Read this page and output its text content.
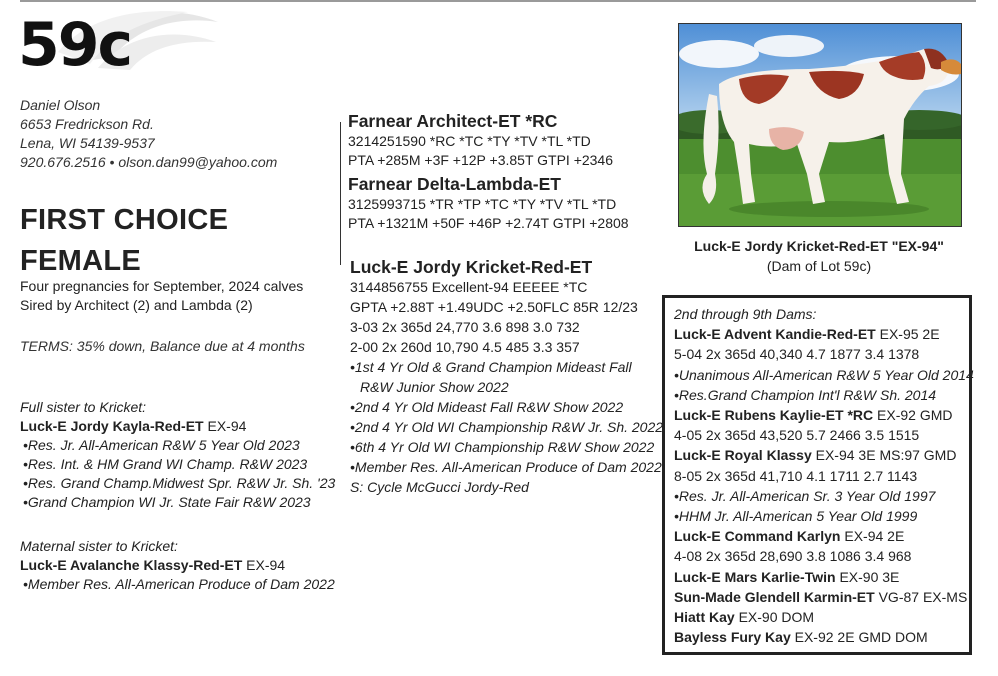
59c
Daniel Olson
6653 Fredrickson Rd.
Lena, WI 54139-9537
920.676.2516 • olson.dan99@yahoo.com
FIRST CHOICE
FEMALE
Four pregnancies for September, 2024 calves
Sired by Architect (2) and Lambda (2)
TERMS: 35% down, Balance due at 4 months
Full sister to Kricket:
Luck-E Jordy Kayla-Red-ET EX-94
•Res. Jr. All-American R&W 5 Year Old 2023
•Res. Int. & HM Grand WI Champ. R&W 2023
•Res. Grand Champ.Midwest Spr. R&W Jr. Sh. '23
•Grand Champion WI Jr. State Fair R&W 2023
Maternal sister to Kricket:
Luck-E Avalanche Klassy-Red-ET EX-94
•Member Res. All-American Produce of Dam 2022
Farnear Architect-ET *RC
3214251590 *RC *TC *TY *TV *TL *TD
PTA +285M +3F +12P +3.85T GTPI +2346
Farnear Delta-Lambda-ET
3125993715 *TR *TP *TC *TY *TV *TL *TD
PTA +1321M +50F +46P +2.74T GTPI +2808
Luck-E Jordy Kricket-Red-ET
3144856755 Excellent-94 EEEEE *TC
GPTA +2.88T +1.49UDC +2.50FLC 85R 12/23
3-03 2x 365d 24,770 3.6 898 3.0 732
2-00 2x 260d 10,790 4.5 485 3.3 357
•1st 4 Yr Old & Grand Champion Mideast Fall
R&W Junior Show 2022
•2nd 4 Yr Old Mideast Fall R&W Show 2022
•2nd 4 Yr Old WI Championship R&W Jr. Sh. 2022
•6th 4 Yr Old WI Championship R&W Show 2022
•Member Res. All-American Produce of Dam 2022
S: Cycle McGucci Jordy-Red
Luck-E Jordy Kricket-Red-ET "EX-94"
(Dam of Lot 59c)
2nd through 9th Dams:
Luck-E Advent Kandie-Red-ET EX-95 2E
5-04 2x 365d 40,340 4.7 1877 3.4 1378
•Unanimous All-American R&W 5 Year Old 2014
•Res.Grand Champion Int'l R&W Sh. 2014
Luck-E Rubens Kaylie-ET *RC EX-92 GMD
4-05 2x 365d 43,520 5.7 2466 3.5 1515
Luck-E Royal Klassy EX-94 3E MS:97 GMD
8-05 2x 365d 41,710 4.1 1711 2.7 1143
•Res. Jr. All-American Sr. 3 Year Old 1997
•HHM Jr. All-American 5 Year Old 1999
Luck-E Command Karlyn EX-94 2E
4-08 2x 365d 28,690 3.8 1086 3.4 968
Luck-E Mars Karlie-Twin EX-90 3E
Sun-Made Glendell Karmin-ET VG-87 EX-MS
Hiatt Kay EX-90 DOM
Bayless Fury Kay EX-92 2E GMD DOM
